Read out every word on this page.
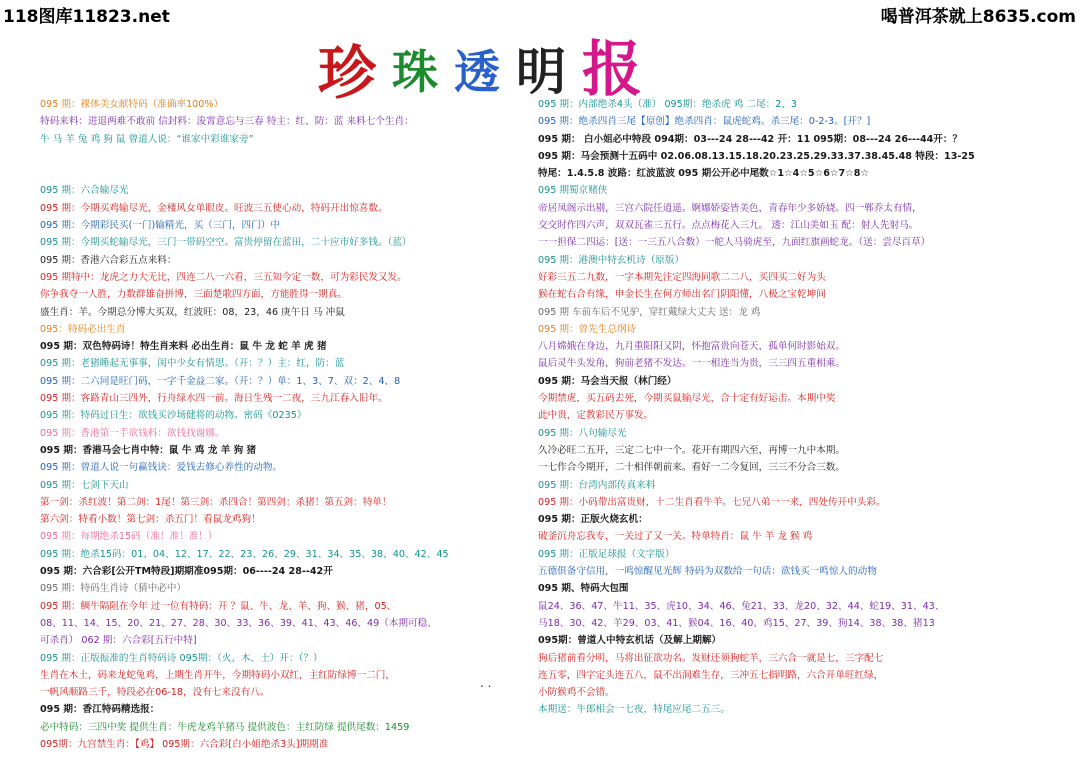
118图库11823.net	喝普洱茶就上8635.com
珍 珠 透 明 报
095 期：裸体美女献特码（准确率100%）
特码来料：进退两难不敢前 信封料：浚霄意忘与三春 特主：红、防：蓝 来料七个生肖：
牛 马 羊 兔 鸡 狗 鼠 曾道人说：“谁家中彩谁家旁”
095 期：六合输尽光
095 期：今期买鸡输尽光，金楼风女单眼皮。旺波三五使心动，特码开出惊喜数。
095 期：今期彩民买(一门)输精光，买（三门，四门）中
095 期：今期买蛇输尽光，三门一带码空空。富贵停留在蓝田，二十应市好多钱。（蓝）
095 期：香港六合彩五点来料：
095 期特中：龙虎之力大无比，四连二八一六看，三五知今定一数，可为彩民发又发。
你争我夺一人胜，力数群雄奋拼博，三面楚歌四方面，方能胜得一期真。
盛生肖：羊。今期总分博大买双，红波旺：08，23，46 庚午日 马 冲鼠
095：特码必出生肖
095 期：双色特码诗！特生肖来料 必出生肖：鼠 牛 龙 蛇 羊 虎 猪
095 期：老猪睡起无事事，闺中少女有情思。（开：？）主：红，防：蓝
095 期：二六同是旺门码，一字千金益二家。（开：？）单：1、3、7、双：2、4、8
095 期：客路青山三四外，行舟绿水四一前。海日生残一二夜，三九江春入旧年。
095 期：特码过日生：欲钱买沙场健将的动物。密码《0235》
095 期：香港第一手欲钱料：欲钱找谢娜。
095 期：香港马会七肖中特：鼠 牛 鸡 龙 羊 狗 猪
095 期：曾道人说一句赢钱诀：爱钱去修心养性的动物。
095 期：七剑下天山
第一剑：杀红波！第二剑：1尾！第三剑：杀四合！第四剑：杀猪！第五剑：特单！
第六剑：特看小数！第七剑：杀五门！看鼠龙鸡狗！
095 期：每期绝杀15码（准！准！准！）
095 期：绝杀15码：01、04、12、17、22、23、26、29、31、34、35、38、40、42、45
095 期：六合彩[公开TM特段]期期准095期：06----24 28--42开
095 期：特码生肖诗（猜中必中）
095 期：鲷牛隔阻在今年 过一位有特码：开 ？鼠、牛、龙、羊、狗、猴、猪，05、
08、11、14、15、20、21、27、28、30、33、36、39、41、43、46、49（本期可稳、
可杀肖） 062 期：六合彩[五行中特]
095 期：正版振准的生肖特码诗 095期：（火、木、土）开：（？）
生肖在木土，码来龙蛇兔鸡，上期生肖开牛，今期特码小双红，主红防绿博一二门，
一帆风顺路三千，特段必在06-18，没有七来没有八。
095 期：香江特码精选报：
必中特码：三四中奖 提供生肖：牛虎龙鸡羊猪马 提供波色：主红防绿 提供尾数：1459
095期：九宫禁生肖：【鸡】 095期：六合彩[白小姐绝杀3头]期期准
095 期：内部绝杀4头（准） 095期：绝杀虎 鸡 二尾：2、3
095 期：绝杀四肖三尾【原创】绝杀四肖：鼠虎蛇鸡。杀三尾：0-2-3。[开？]
095 期： 白小姐必中特段 094期：03---24 28---42 开：11 095期：08---24 26---44开：？
095 期：马会预测十五码中 02.06.08.13.15.18.20.23.25.29.33.37.38.45.48 特段：13-25
特尾：1.4.5.8 波路：红波蓝波 095 期公开必中尾数☆1☆4☆5☆6☆7☆8☆
095 期蜀京赌侠
帝居凤阁示出剔，三宫六院任逍遥。婀娜娇姿皆美色，青春年少多娇娆。四一郸乔太有情，
交交时作四六声，双双瓦雀三五行。点点梅花入三九。 透：江山美如玉 配：射人先射马。
一一担保二四运：[送：一三五八合数）一舵人马骑虎至，九面红旗画蛇龙。（送：尝尽百草）
095 期：港澳中特玄机诗（原版）
好彩三五二九数，一字本期先注定四海同歌二二八，买四买二好为头
猴在蛇右合有缘，申金长生在何方师出名门阴阳懂，八极之宝乾坤间
095 期 车前车后不见驴，穿红戴绿大丈夫 送：龙 鸡
095 期：曾先生总纲诗
八月嫦娥在身边，九月重阳阳又阴，怀抱富贵向苍天，孤单何时影始双。
鼠后灵牛头发角，狗前老猪不发达。一一相连当为贵，三三四五重相乘。
095 期：马会当天报（林门经）
今期禁虎，买五码去死，今期买鼠输尽光，合十定有好运击。本期中奖
此中贵，定教彩民万事发。
095 期：八句输尽光
久冷必旺二五开，三定二七中一个。花开有期四六至，再博一九中本期。
一七作合今期开，二十相伴朝前来。看好一二今复回，三三不分合三数。
095 期：台湾内部传真来料
095 期：小码带出富贵财，十二生肖看牛羊。七兄八弟一一来，四处传开中头彩。
095 期：正版火烧玄机：
破釜沉舟忘我专，一关过了又一关。特单特肖：鼠 牛 羊 龙 猴 鸡
095 期：正版足球报（文字版）
五德俱备守信用，一鸣惊醒见光辉 特码为双数给一句话：欲钱买一鸣惊人的动物
095 期、特码大包围
鼠24、36、47、牛11、35、虎10、34、46、兔21、33、龙20、32、44、蛇19、31、43、
马18、30、42、羊29、03、41、猴04、16、40、鸡15、27、39、狗14、38、38、猪13
095期：曾道人中特玄机话（及解上期解）
狗后猪前看分明，马将出征欲功名。发财还须狗蛇羊，三六合一就是七，三字配七
连五零，四字定头连五八，鼠不出洞难生存，三冲五七指明路，六合开单旺红绿，
小防猴鸡不会错。
本期送：牛郎相会一七夜，特尾应尾二五三。
. .
